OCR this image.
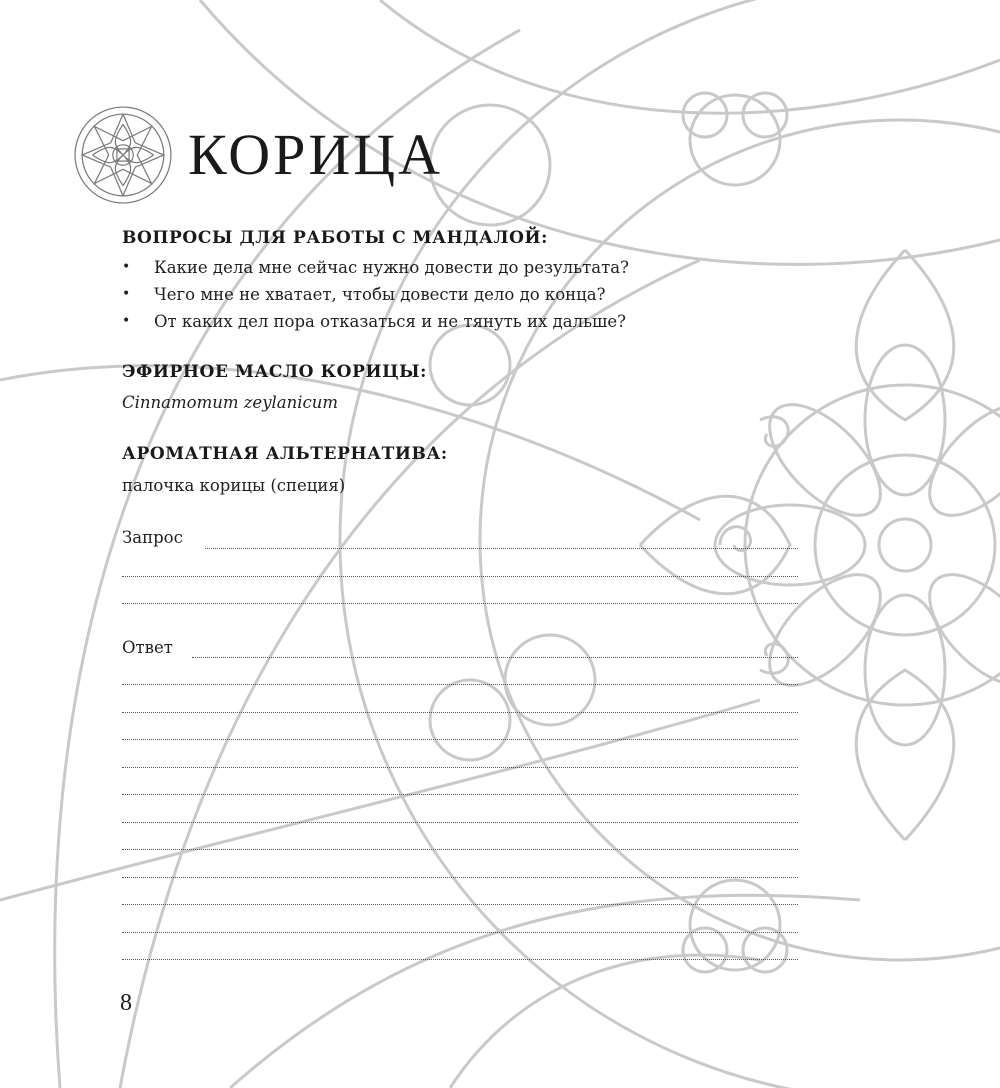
КОРИЦА
ВОПРОСЫ ДЛЯ РАБОТЫ С МАНДАЛОЙ:
• Какие дела мне сейчас нужно довести до результата?
• Чего мне не хватает, чтобы довести дело до конца?
• От каких дел пора отказаться и не тянуть их дальше?
ЭФИРНОЕ МАСЛО КОРИЦЫ:

Cinnamomum zeylanicum

АРОМАТНАЯ АЛЬТЕРНАТИВА:

палочка корицы (специя)

Запрос
Ответ
8
